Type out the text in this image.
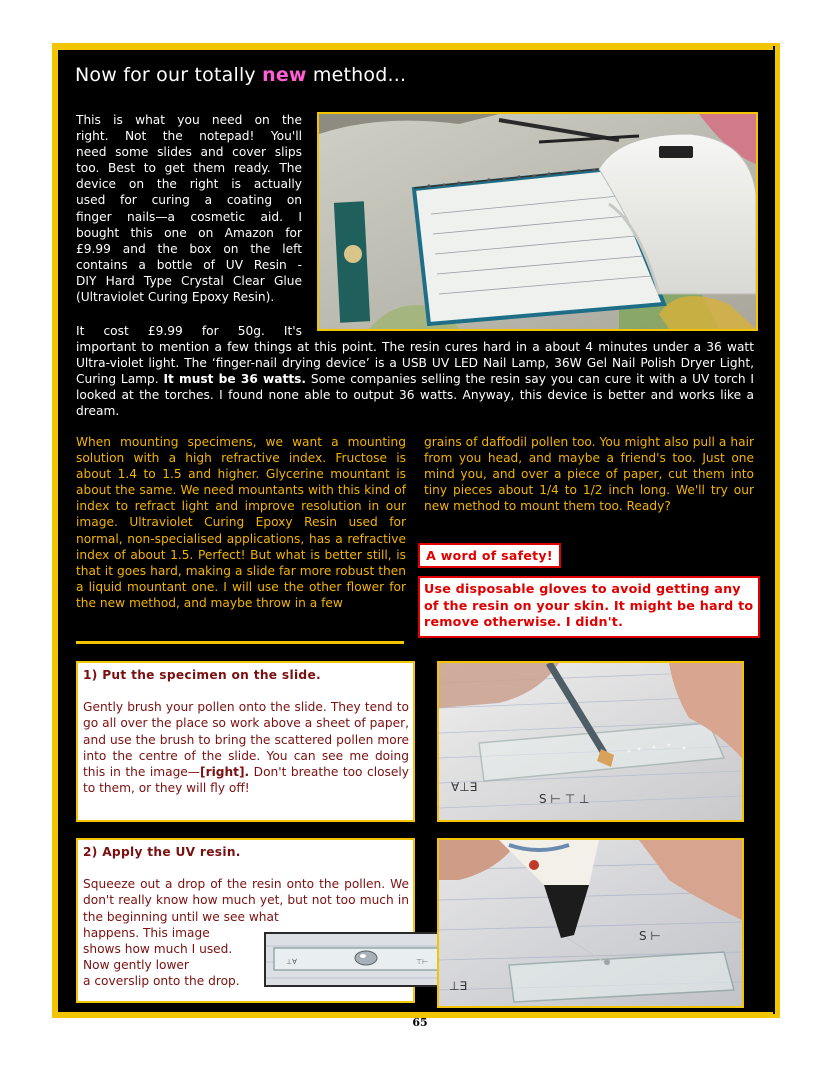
Now for our totally new method...
This is what you need on the
right. Not the notepad! You'll
need some slides and cover slips
too. Best to get them ready. The
device on the right is actually
used for curing a coating on
finger nails—a cosmetic aid. I
bought this one on Amazon for
£9.99 and the box on the left
contains a bottle of UV Resin -
DIY Hard Type Crystal Clear Glue
(Ultraviolet Curing Epoxy Resin).
It cost £9.99 for 50g. It's
important to mention a few things at this point. The resin cures hard in a about 4 minutes under a 36 watt Ultra-violet light. The ‘finger-nail drying device’ is a USB UV LED Nail Lamp, 36W Gel Nail Polish Dryer Light, Curing Lamp. It must be 36 watts. Some companies selling the resin say you can cure it with a UV torch I looked at the torches. I found none able to output 36 watts. Anyway, this device is better and works like a dream.
When mounting specimens, we want a mounting solution with a high refractive index. Fructose is about 1.4 to 1.5 and higher. Glycerine mountant is about the same. We need mountants with this kind of index to refract light and improve resolution in our image. Ultraviolet Curing Epoxy Resin used for normal, non-specialised applications, has a refractive index of about 1.5. Perfect! But what is better still, is that it goes hard, making a slide far more robust then a liquid mountant one. I will use the other flower for the new method, and maybe throw in a few
grains of daffodil pollen too. You might also pull a hair from you head, and maybe a friend's too. Just one mind you, and over a piece of paper, cut them into tiny pieces about 1/4 to 1/2 inch long. We'll try our new method to mount them too. Ready?
A word of safety!
Use disposable gloves to avoid getting any of the resin on your skin. It might be hard to remove otherwise. I didn't.
1) Put the specimen on the slide.
Gently brush your pollen onto the slide. They tend to go all over the place so work above a sheet of paper, and use the brush to bring the scattered pollen more into the centre of the slide. You can see me doing this in the image—[right]. Don't breathe too closely to them, or they will fly off!	∀⊥∃
S ⊢ ⊤ ⊥
2) Apply the UV resin.
Squeeze out a drop of the resin onto the pollen. We don't really know how much yet, but not too much in the beginning until we see what
happens. This image
shows how much I used.
Now gently lower
a coverslip onto the drop.
⊥∀	⊤⊢
⊥∃
S ⊢
65
